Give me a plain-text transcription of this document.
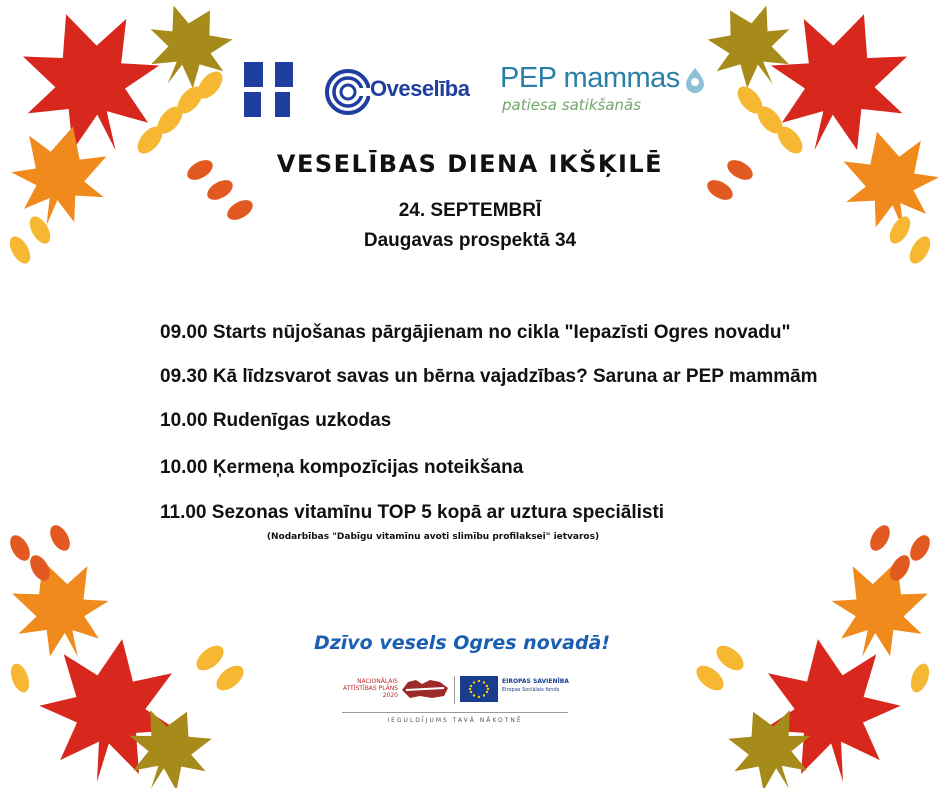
O G
R E
Oveselība PEP mammas
patiesa satikšanās
VESELĪBAS DIENA IKŠĶILĒ
24. SEPTEMBRĪ
Daugavas prospektā 34
09.00 Starts nūjošanas pārgājienam no cikla "Iepazīsti Ogres novadu"
09.30 Kā līdzsvarot savas un bērna vajadzības? Saruna ar PEP mammām
10.00 Rudenīgas uzkodas
10.00 Ķermeņa kompozīcijas noteikšana
11.00 Sezonas vitamīnu TOP 5 kopā ar uztura speciālisti
(Nodarbības "Dabīgu vitamīnu avoti slimību profilaksei" ietvaros)
Dzīvo vesels Ogres novadā!
NACIONĀLAIS ATTĪSTĪBAS PLĀNS 2020
EIROPAS SAVIENĪBA
Eiropas Sociālais fonds
IEGULDĪJUMS TAVĀ NĀKOTNĒ
